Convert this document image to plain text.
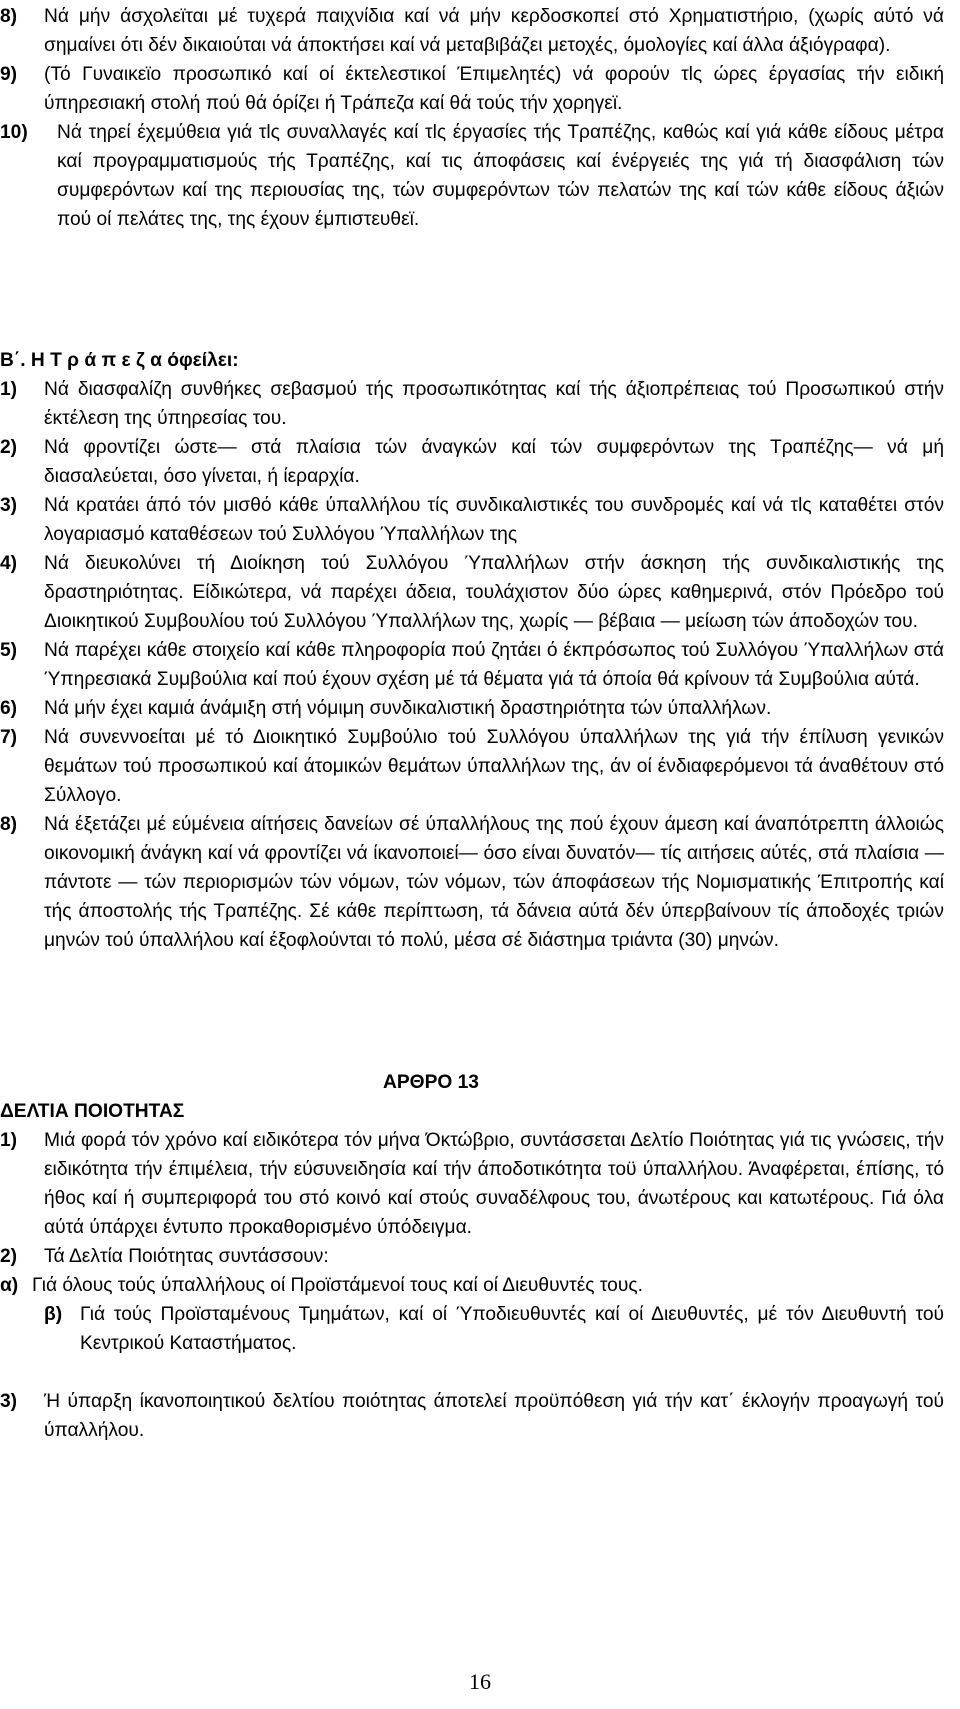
8)	Νά μήν άσχολεϊται μέ τυχερά παιχνίδια καί νά μήν κερδοσκοπεί στό Χρηματιστήριο, (χωρίς αύτό νά σημαίνει ότι δέν δικαιούται νά άποκτήσει καί νά μεταβιβάζει μετοχές, όμολογίες καί άλλα άξιόγραφα).
9)	(Τό Γυναικεϊο προσωπικό καί οί έκτελεστικοί Έπιμελητές) νά φορούν τlς ώρες έργασίας τήν ειδική ύπηρεσιακή στολή πού θά όρίζει ή Τράπεζα καί θά τούς τήν χορηγεϊ.
10)	Νά τηρεί έχεμύθεια γιά τlς συναλλαγές καί τlς έργασίες τής Τραπέζης, καθώς καί γιά κάθε είδους μέτρα καί προγραμματισμούς τής Τραπέζης, καί τις άποφάσεις καί ένέργειές της γιά τή διασφάλιση τών συμφερόντων καί της περιουσίας της, τών συμφερόντων τών πελατών της καί τών κάθε είδους άξιών πού οί πελάτες της, της έχουν έμπιστευθεϊ.

Β΄. Η Τ ρ ά π ε ζ α όφείλει:

1)	Νά διασφαλίζη συνθήκες σεβασμού τής προσωπικότητας καί τής άξιοπρέπειας τού Προσωπικού στήν έκτέλεση της ύπηρεσίας του.
2)	Νά φροντίζει ώστε— στά πλαίσια τών άναγκών καί τών συμφερόντων της Τραπέζης— νά μή διασαλεύεται, όσο γίνεται, ή ίεραρχία.
3)	Νά κρατάει άπό τόν μισθό κάθε ύπαλλήλου τίς συνδικαλιστικές του συνδρομές καί νά τlς καταθέτει στόν λογαριασμό καταθέσεων τού Συλλόγου Ύπαλλήλων της
4)	Νά διευκολύνει τή Διοίκηση τού Συλλόγου Ύπαλλήλων στήν άσκηση τής συνδικαλιστικής της δραστηριότητας. Είδικώτερα, νά παρέχει άδεια, τουλάχιστον δύο ώρες καθημερινά, στόν Πρόεδρο τού Διοικητικού Συμβουλίου τού Συλλόγου Ύπαλλήλων της, χωρίς — βέβαια — μείωση τών άποδοχών του.
5)	Νά παρέχει κάθε στοιχείο καί κάθε πληροφορία πού ζητάει ό έκπρόσωπος τού Συλλόγου Ύπαλλήλων στά Ύπηρεσιακά Συμβούλια καί πού έχουν σχέση μέ τά θέματα γιά τά όποία θά κρίνουν τά Συμβούλια αύτά.
6)	Νά μήν έχει καμιά άνάμιξη στή νόμιμη συνδικαλιστική δραστηριότητα τών ύπαλλήλων.
7)	Νά συνεννοείται μέ τό Διοικητικό Συμβούλιο τού Συλλόγου ύπαλλήλων της γιά τήν έπίλυση γενικών θεμάτων τού προσωπικού καί άτομικών θεμάτων ύπαλλήλων της, άν οί ένδιαφερόμενοι τά άναθέτουν στό Σύλλογο.
8)	Νά έξετάζει μέ εύμένεια αίτήσεις δανείων σέ ύπαλλήλους της πού έχουν άμεση καί άναπότρεπτη άλλοιώς οικονομική άνάγκη καί νά φροντίζει νά ίκανοποιεί— όσο είναι δυνατόν— τίς αιτήσεις αύτές, στά πλαίσια — πάντοτε — τών περιορισμών τών νόμων, τών νόμων, τών άποφάσεων τής Νομισματικής Έπιτροπής καί τής άποστολής τής Τραπέζης. Σέ κάθε περίπτωση, τά δάνεια αύτά δέν ύπερβαίνουν τίς άποδοχές τριών μηνών τού ύπαλλήλου καί έξοφλούνται τό πολύ, μέσα σέ διάστημα τριάντα (30) μηνών.

ΑΡΘΡΟ 13

ΔΕΛΤΙΑ ΠΟΙΟΤΗΤΑΣ

1)	Μιά φορά τόν χρόνο καί ειδικότερα τόν μήνα Όκτώβριο, συντάσσεται Δελτίο Ποιότητας γιά τις γνώσεις, τήν ειδικότητα τήν έπιμέλεια, τήν εύσυνειδησία καί τήν άποδοτικότητα τοϋ ύπαλλήλου. Άναφέρεται, έπίσης, τό ήθος καί ή συμπεριφορά του στό κοινό καί στούς συναδέλφους του, άνωτέρους και κατωτέρους. Γιά όλα αύτά ύπάρχει έντυπο προκαθορισμένο ύπόδειγμα.
2)	Τά Δελτία Ποιότητας συντάσσουν:
α) Γιά όλους τούς ύπαλλήλους οί Προϊστάμενοί τους καί οί Διευθυντές τους.
β) Γιά τούς Προϊσταμένους Τμημάτων, καί οί Ύποδιευθυντές καί οί Διευθυντές, μέ τόν Διευθυντή τού Κεντρικού Καταστήματος.
3)	Ή ύπαρξη ίκανοποιητικού δελτίου ποιότητας άποτελεί προϋπόθεση γιά τήν κατ΄ έκλογήν προαγωγή τού ύπαλλήλου.
16
